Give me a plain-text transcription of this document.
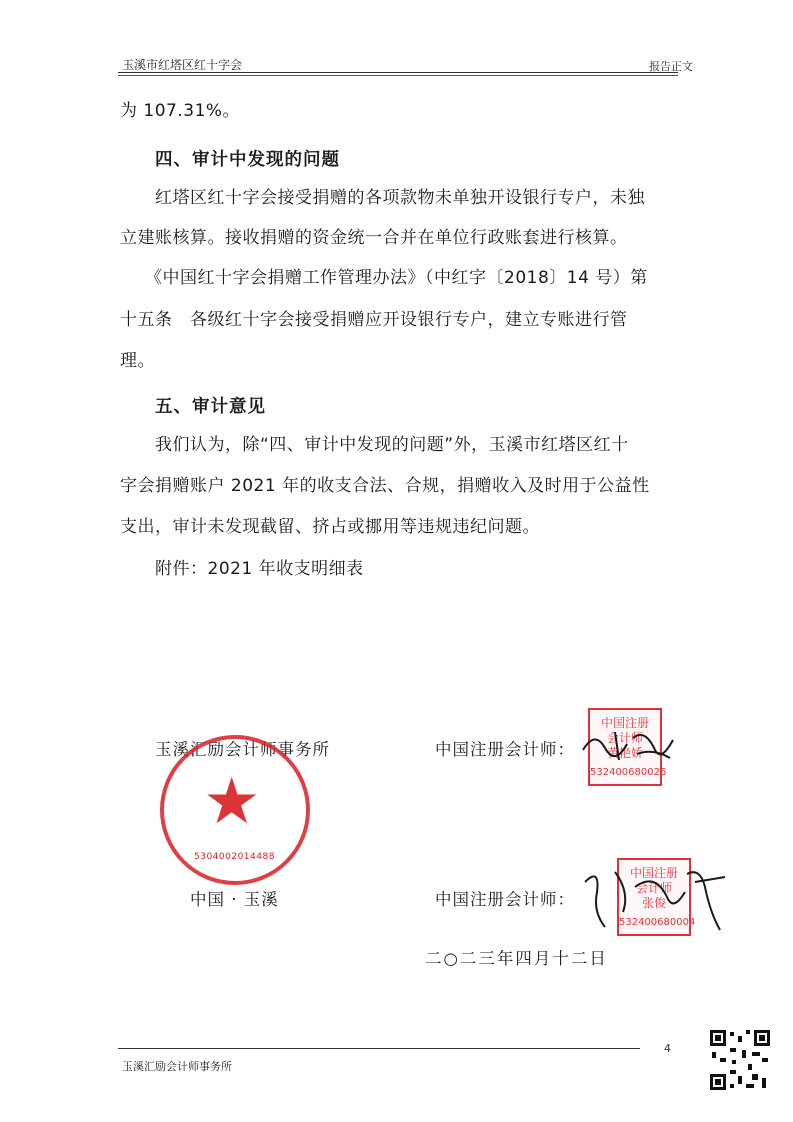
玉溪市红塔区红十字会	报告正文
为 107.31%。
四、审计中发现的问题
红塔区红十字会接受捐赠的各项款物未单独开设银行专户，未独
立建账核算。接收捐赠的资金统一合并在单位行政账套进行核算。
《中国红十字会捐赠工作管理办法》（中红字〔2018〕14 号）第
十五条　各级红十字会接受捐赠应开设银行专户，建立专账进行管
理。
五、审计意见
我们认为，除“四、审计中发现的问题”外，玉溪市红塔区红十
字会捐赠账户 2021 年的收支合法、合规，捐赠收入及时用于公益性
支出，审计未发现截留、挤占或挪用等违规违纪问题。
附件：2021 年收支明细表
玉溪汇励会计师事务所	中国注册会计师：
中国 · 玉溪	中国注册会计师：
★
5304002014488
中国注册
会计师
黄艳娇
532400680026
中国注册
会计师
张俊
532400680004
二○二三年四月十二日
4
玉溪汇励会计师事务所
